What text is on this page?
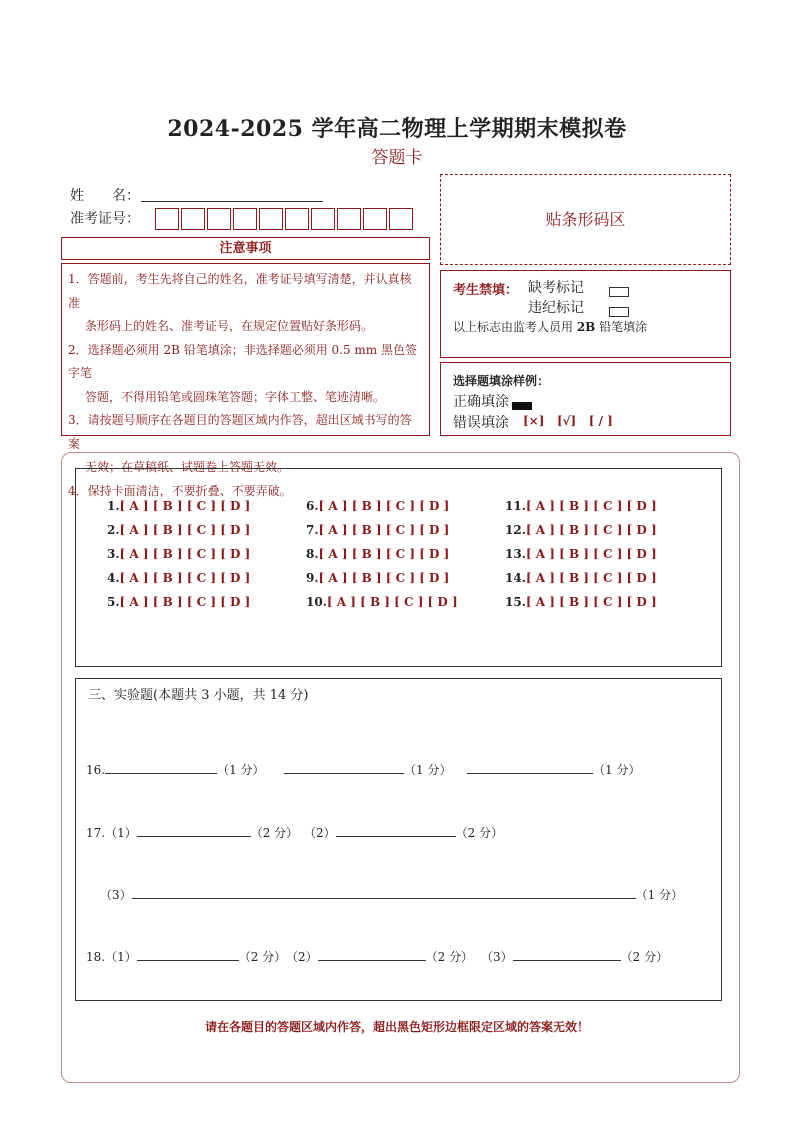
2024-2025 学年高二物理上学期期末模拟卷
答题卡
姓　　名：
准考证号：	贴条形码区
注意事项
1．答题前，考生先将自己的姓名，准考证号填写清楚，并认真核准
条形码上的姓名、准考证号，在规定位置贴好条形码。
2．选择题必须用 2B 铅笔填涂；非选择题必须用 0.5 mm 黑色签字笔
答题，不得用铅笔或圆珠笔答题；字体工整、笔迹清晰。
3．请按题号顺序在各题目的答题区域内作答，超出区域书写的答案
无效；在草稿纸、试题卷上答题无效。
4．保持卡面清洁，不要折叠、不要弄破。
考生禁填： 缺考标记
违纪标记
以上标志由监考人员用 2B 铅笔填涂
选择题填涂样例：
正确填涂
错误填涂 [×] [√] [ / ]
1.[ A ] [ B ] [ C ] [ D ]
2.[ A ] [ B ] [ C ] [ D ]
3.[ A ] [ B ] [ C ] [ D ]
4.[ A ] [ B ] [ C ] [ D ]
5.[ A ] [ B ] [ C ] [ D ]
6.[ A ] [ B ] [ C ] [ D ]
7.[ A ] [ B ] [ C ] [ D ]
8.[ A ] [ B ] [ C ] [ D ]
9.[ A ] [ B ] [ C ] [ D ]
10.[ A ] [ B ] [ C ] [ D ]
11.[ A ] [ B ] [ C ] [ D ]
12.[ A ] [ B ] [ C ] [ D ]
13.[ A ] [ B ] [ C ] [ D ]
14.[ A ] [ B ] [ C ] [ D ]
15.[ A ] [ B ] [ C ] [ D ]
三、实验题(本题共 3 小题，共 14 分)
16.	（1 分）	（1 分）	（1 分）
17.（1）	（2 分） （2）	（2 分）
（3）	（1 分）
18.（1）	（2 分） （2）	（2 分） （3）	（2 分）
请在各题目的答题区域内作答，超出黑色矩形边框限定区域的答案无效！
